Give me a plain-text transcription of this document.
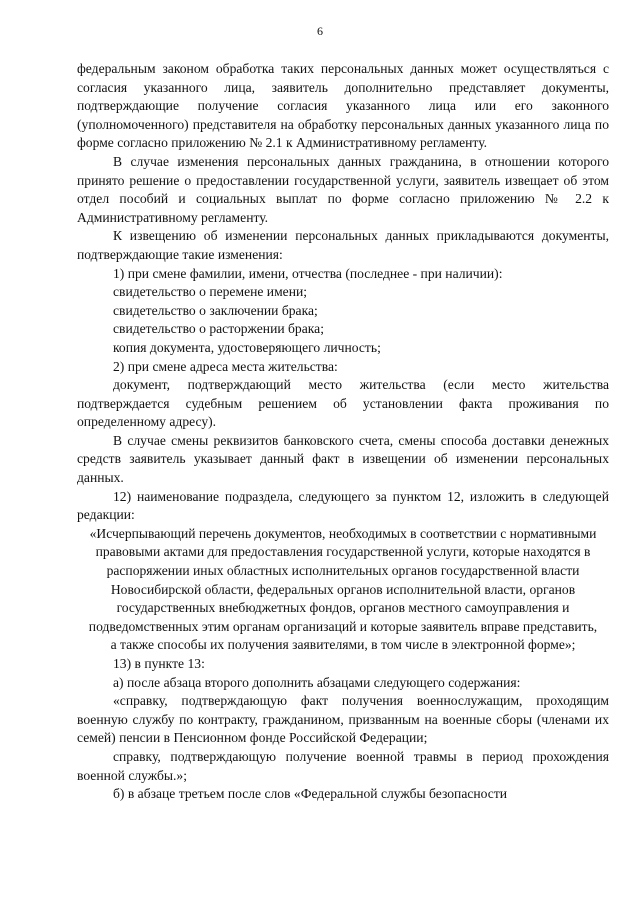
6

федеральным законом обработка таких персональных данных может осуществляться с согласия указанного лица, заявитель дополнительно представляет документы, подтверждающие получение согласия указанного лица или его законного (уполномоченного) представителя на обработку персональных данных указанного лица по форме согласно приложению № 2.1 к Административному регламенту.

В случае изменения персональных данных гражданина, в отношении которого принято решение о предоставлении государственной услуги, заявитель извещает об этом отдел пособий и социальных выплат по форме согласно приложению № 2.2 к Административному регламенту.

К извещению об изменении персональных данных прикладываются документы, подтверждающие такие изменения:

1) при смене фамилии, имени, отчества (последнее - при наличии):

свидетельство о перемене имени;

свидетельство о заключении брака;

свидетельство о расторжении брака;

копия документа, удостоверяющего личность;

2) при смене адреса места жительства:

документ, подтверждающий место жительства (если место жительства подтверждается судебным решением об установлении факта проживания по определенному адресу).

В случае смены реквизитов банковского счета, смены способа доставки денежных средств заявитель указывает данный факт в извещении об изменении персональных данных.

12) наименование подраздела, следующего за пунктом 12, изложить в следующей редакции:

«Исчерпывающий перечень документов, необходимых в соответствии с нормативными правовыми актами для предоставления государственной услуги, которые находятся в распоряжении иных областных исполнительных органов государственной власти Новосибирской области, федеральных органов исполнительной власти, органов государственных внебюджетных фондов, органов местного самоуправления и подведомственных этим органам организаций и которые заявитель вправе представить, а также способы их получения заявителями, в том числе в электронной форме»;

13) в пункте 13:

а) после абзаца второго дополнить абзацами следующего содержания:

«справку, подтверждающую факт получения военнослужащим, проходящим военную службу по контракту, гражданином, призванным на военные сборы (членами их семей) пенсии в Пенсионном фонде Российской Федерации;

справку, подтверждающую получение военной травмы в период прохождения военной службы.»;

б) в абзаце третьем после слов «Федеральной службы безопасности
